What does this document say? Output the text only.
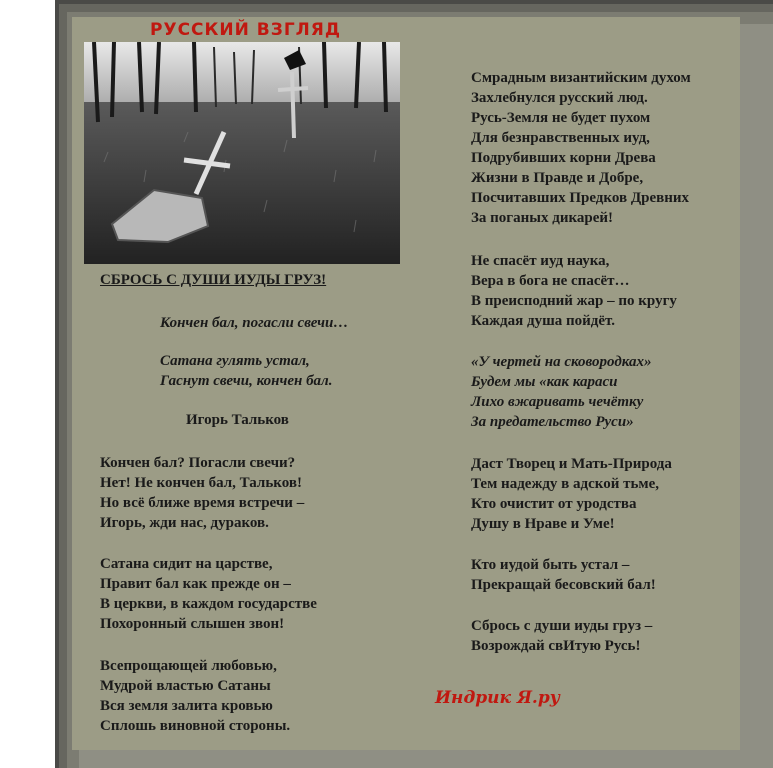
РУССКИЙ ВЗГЛЯД
СБРОСЬ С ДУШИ ИУДЫ ГРУЗ!
Кончен бал, погасли свечи…
Сатана гулять устал,
Гаснут свечи, кончен бал.
Игорь Тальков
Кончен бал? Погасли свечи?
Нет! Не кончен бал, Тальков!
Но всё ближе время встречи –
Игорь, жди нас, дураков.
Сатана сидит на царстве,
Правит бал как прежде он –
В церкви, в каждом государстве
Похоронный слышен звон!
Всепрощающей любовью,
Мудрой властью Сатаны
Вся земля залита кровью
Сплошь виновной стороны.
Смрадным византийским духом
Захлебнулся русский люд.
Русь-Земля не будет пухом
Для безнравственных иуд,
Подрубивших корни Древа
Жизни в Правде и Добре,
Посчитавших Предков Древних
За поганых дикарей!
Не спасёт иуд наука,
Вера в бога не спасёт…
В преисподний жар – по кругу
Каждая душа пойдёт.
«У чертей на сковородках»
Будем мы «как караси
Лихо вжаривать чечётку
За предательство Руси»
Даст Творец и Мать-Природа
Тем надежду в адской тьме,
Кто очистит от уродства
Душу в Нраве и Уме!
Кто иудой быть устал –
Прекращай бесовский бал!
Сбрось с души иуды груз –
Возрождай свИтую Русь!
Индрик Я.ру
